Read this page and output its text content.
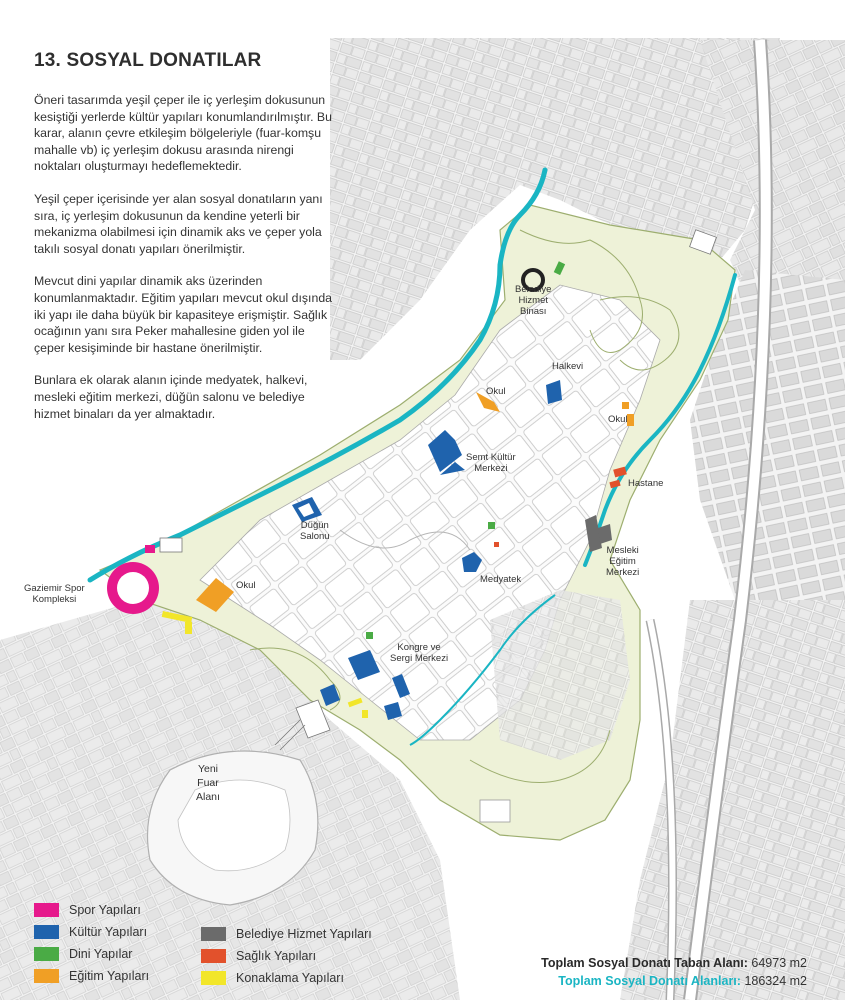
13. SOSYAL DONATILAR

Öneri tasarımda yeşil çeper ile iç yerleşim dokusunun kesiştiği yerlerde kültür yapıları konumlandırılmıştır. Bu karar, alanın çevre etkileşim bölgeleriyle (fuar-komşu mahalle vb) iç yerleşim dokusu arasında nirengi noktaları oluşturmayı hedeflemektedir.

Yeşil çeper içerisinde yer alan sosyal donatıların yanı sıra, iç yerleşim dokusunun da kendine yeterli bir mekanizma olabilmesi için dinamik aks ve çeper yola takılı sosyal donatı yapıları önerilmiştir.

Mevcut dini yapılar dinamik aks üzerinden konumlanmaktadır. Eğitim yapıları mevcut okul dışında iki yapı ile daha büyük bir kapasiteye erişmiştir. Sağlık ocağının yanı sıra Peker mahallesine giden yol ile çeper kesişiminde bir hastane önerilmiştir.

Bunlara ek olarak alanın içinde medyatek, halkevi, mesleki eğitim merkezi, düğün salonu ve belediye hizmet binaları da yer almaktadır.

Belediye
Hizmet
Binası
Halkevi
Okul
Okul
Semt Kültür
Merkezi
Hastane
Düğün
Salonu
Mesleki
Eğitim
Merkezi
Gaziemir Spor
Kompleksi
Okul
Medyatek
Kongre ve
Sergi Merkezi
Yeni
Fuar
Alanı
Spor Yapıları
Kültür Yapıları
Dini Yapılar
Eğitim Yapıları
Belediye Hizmet Yapıları
Sağlık Yapıları
Konaklama Yapıları
Toplam Sosyal Donatı Taban Alanı: 64973 m2
Toplam Sosyal Donatı Alanları: 186324 m2
